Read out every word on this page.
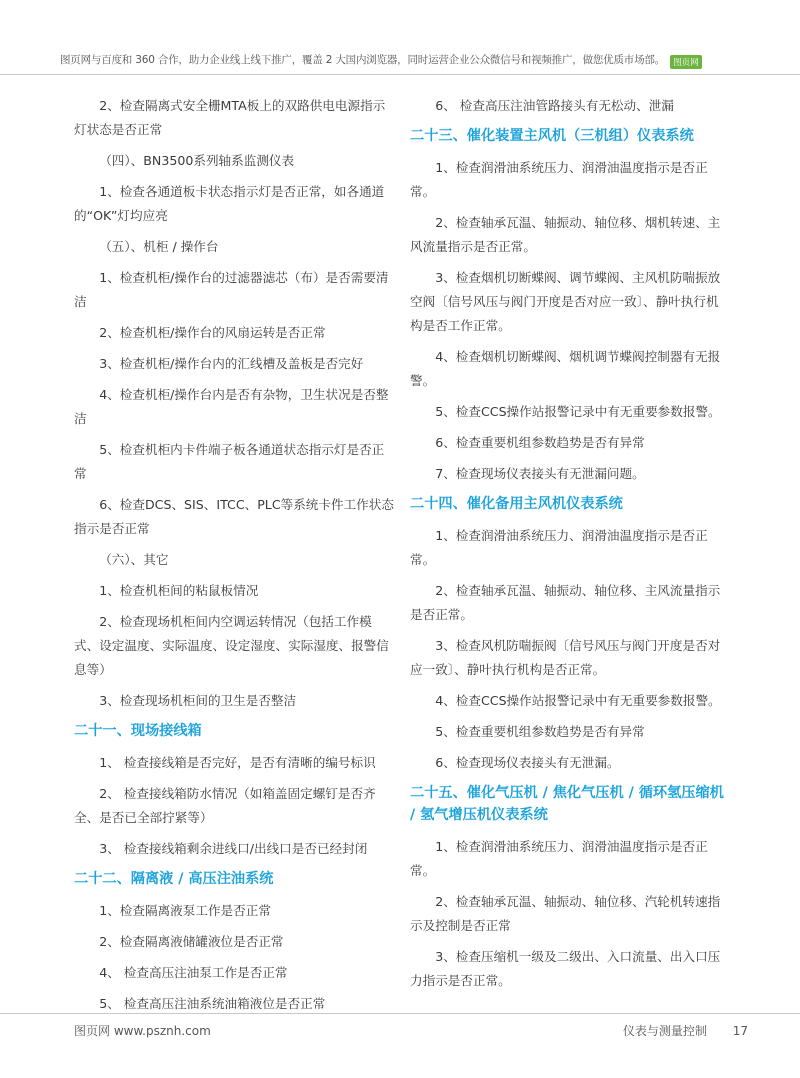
图页网与百度和 360 合作，助力企业线上线下推广，覆盖 2 大国内浏览器，同时运营企业公众微信号和视频推广，做您优质市场部。 图页网
2、检查隔离式安全栅MTA板上的双路供电电源指示灯状态是否正常
（四）、BN3500系列轴系监测仪表
1、检查各通道板卡状态指示灯是否正常，如各通道的“OK”灯均应亮
（五）、机柜 / 操作台
1、检查机柜/操作台的过滤器滤芯（布）是否需要清洁
2、检查机柜/操作台的风扇运转是否正常
3、检查机柜/操作台内的汇线槽及盖板是否完好
4、检查机柜/操作台内是否有杂物，卫生状况是否整洁
5、检查机柜内卡件端子板各通道状态指示灯是否正常
6、检查DCS、SIS、ITCC、PLC等系统卡件工作状态指示是否正常
（六）、其它
1、检查机柜间的粘鼠板情况
2、检查现场机柜间内空调运转情况（包括工作模式、设定温度、实际温度、设定湿度、实际湿度、报警信息等）
3、检查现场机柜间的卫生是否整洁
二十一、现场接线箱
1、 检查接线箱是否完好，是否有清晰的编号标识
2、 检查接线箱防水情况（如箱盖固定螺钉是否齐全、是否已全部拧紧等）
3、 检查接线箱剩余进线口/出线口是否已经封闭
二十二、隔离液 / 高压注油系统
1、检查隔离液泵工作是否正常
2、检查隔离液储罐液位是否正常
4、 检查高压注油泵工作是否正常
5、 检查高压注油系统油箱液位是否正常
6、 检查高压注油管路接头有无松动、泄漏
二十三、催化装置主风机（三机组）仪表系统
1、检查润滑油系统压力、润滑油温度指示是否正常。
2、检查轴承瓦温、轴振动、轴位移、烟机转速、主风流量指示是否正常。
3、检查烟机切断蝶阀、调节蝶阀、主风机防喘振放空阀〔信号风压与阀门开度是否对应一致〕、静叶执行机构是否工作正常。
4、检查烟机切断蝶阀、烟机调节蝶阀控制器有无报警。
5、检查CCS操作站报警记录中有无重要参数报警。
6、检查重要机组参数趋势是否有异常
7、检查现场仪表接头有无泄漏问题。
二十四、催化备用主风机仪表系统
1、检查润滑油系统压力、润滑油温度指示是否正常。
2、检查轴承瓦温、轴振动、轴位移、主风流量指示是否正常。
3、检查风机防喘振阀〔信号风压与阀门开度是否对应一致〕、静叶执行机构是否正常。
4、检查CCS操作站报警记录中有无重要参数报警。
5、检查重要机组参数趋势是否有异常
6、检查现场仪表接头有无泄漏。
二十五、催化气压机 / 焦化气压机 / 循环氢压缩机 / 氢气增压机仪表系统
1、检查润滑油系统压力、润滑油温度指示是否正常。
2、检查轴承瓦温、轴振动、轴位移、汽轮机转速指示及控制是否正常
3、检查压缩机一级及二级出、入口流量、出入口压力指示是否正常。
图页网 www.psznh.com	仪表与测量控制 17
